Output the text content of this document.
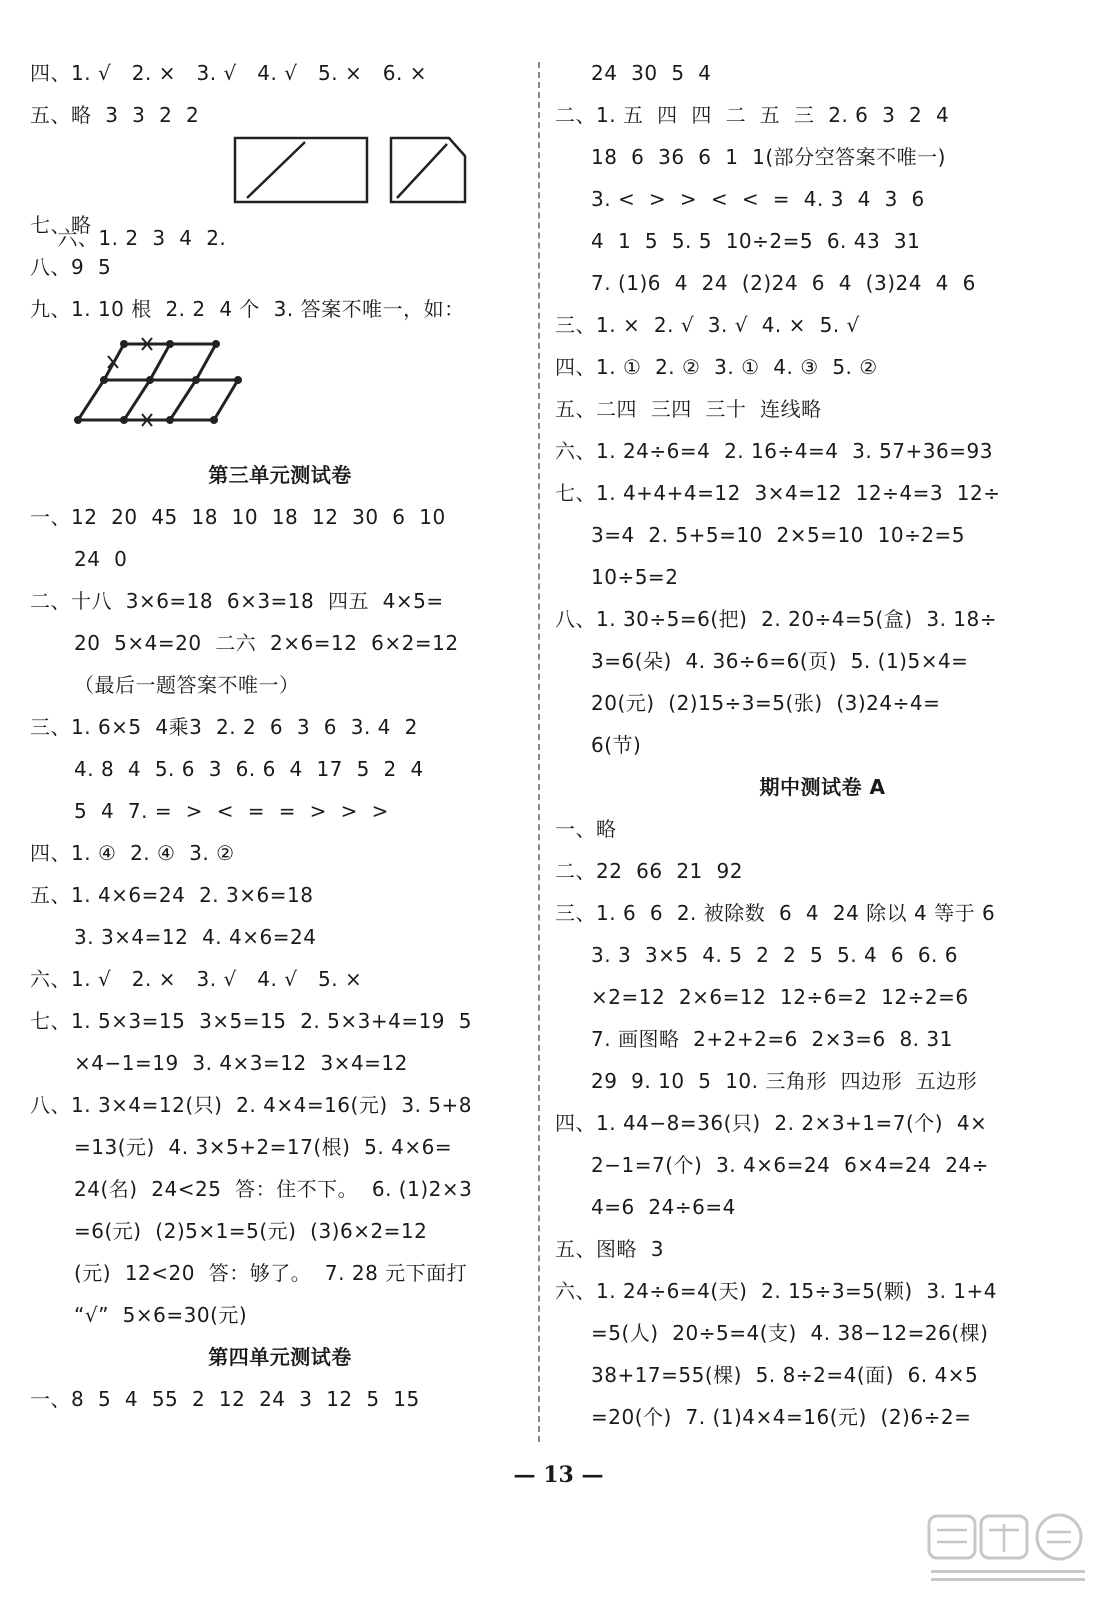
四、1. √   2. ×   3. √   4. √   5. ×   6. ×
五、略  3  3  2  2

六、1. 2  3  4  2.

七、略
八、9  5
九、1. 10 根  2. 2  4 个  3. 答案不唯一，如：
第三单元测试卷
一、12  20  45  18  10  18  12  30  6  10
24  0
二、十八  3×6=18  6×3=18  四五  4×5=
20  5×4=20  二六  2×6=12  6×2=12
（最后一题答案不唯一）
三、1. 6×5  4乘3  2. 2  6  3  6  3. 4  2
4. 8  4  5. 6  3  6. 6  4  17  5  2  4
5  4  7. =  >  <  =  =  >  >  >
四、1. ④  2. ④  3. ②
五、1. 4×6=24  2. 3×6=18
3. 3×4=12  4. 4×6=24
六、1. √   2. ×   3. √   4. √   5. ×
七、1. 5×3=15  3×5=15  2. 5×3+4=19  5
×4−1=19  3. 4×3=12  3×4=12
八、1. 3×4=12(只)  2. 4×4=16(元)  3. 5+8
=13(元)  4. 3×5+2=17(根)  5. 4×6=
24(名)  24<25  答：住不下。  6. (1)2×3
=6(元)  (2)5×1=5(元)  (3)6×2=12
(元)  12<20  答：够了。  7. 28 元下面打
“√”  5×6=30(元)
第四单元测试卷
一、8  5  4  55  2  12  24  3  12  5  15
24  30  5  4
二、1. 五  四  四  二  五  三  2. 6  3  2  4
18  6  36  6  1  1(部分空答案不唯一)
3. <  >  >  <  <  =  4. 3  4  3  6
4  1  5  5. 5  10÷2=5  6. 43  31
7. (1)6  4  24  (2)24  6  4  (3)24  4  6
三、1. ×  2. √  3. √  4. ×  5. √
四、1. ①  2. ②  3. ①  4. ③  5. ②
五、二四  三四  三十  连线略
六、1. 24÷6=4  2. 16÷4=4  3. 57+36=93
七、1. 4+4+4=12  3×4=12  12÷4=3  12÷
3=4  2. 5+5=10  2×5=10  10÷2=5
10÷5=2
八、1. 30÷5=6(把)  2. 20÷4=5(盒)  3. 18÷
3=6(朵)  4. 36÷6=6(页)  5. (1)5×4=
20(元)  (2)15÷3=5(张)  (3)24÷4=
6(节)
期中测试卷 A
一、略
二、22  66  21  92
三、1. 6  6  2. 被除数  6  4  24 除以 4 等于 6
3. 3  3×5  4. 5  2  2  5  5. 4  6  6. 6
×2=12  2×6=12  12÷6=2  12÷2=6
7. 画图略  2+2+2=6  2×3=6  8. 31
29  9. 10  5  10. 三角形  四边形  五边形
四、1. 44−8=36(只)  2. 2×3+1=7(个)  4×
2−1=7(个)  3. 4×6=24  6×4=24  24÷
4=6  24÷6=4
五、图略  3
六、1. 24÷6=4(天)  2. 15÷3=5(颗)  3. 1+4
=5(人)  20÷5=4(支)  4. 38−12=26(棵)
38+17=55(棵)  5. 8÷2=4(面)  6. 4×5
=20(个)  7. (1)4×4=16(元)  (2)6÷2=
— 13 —
